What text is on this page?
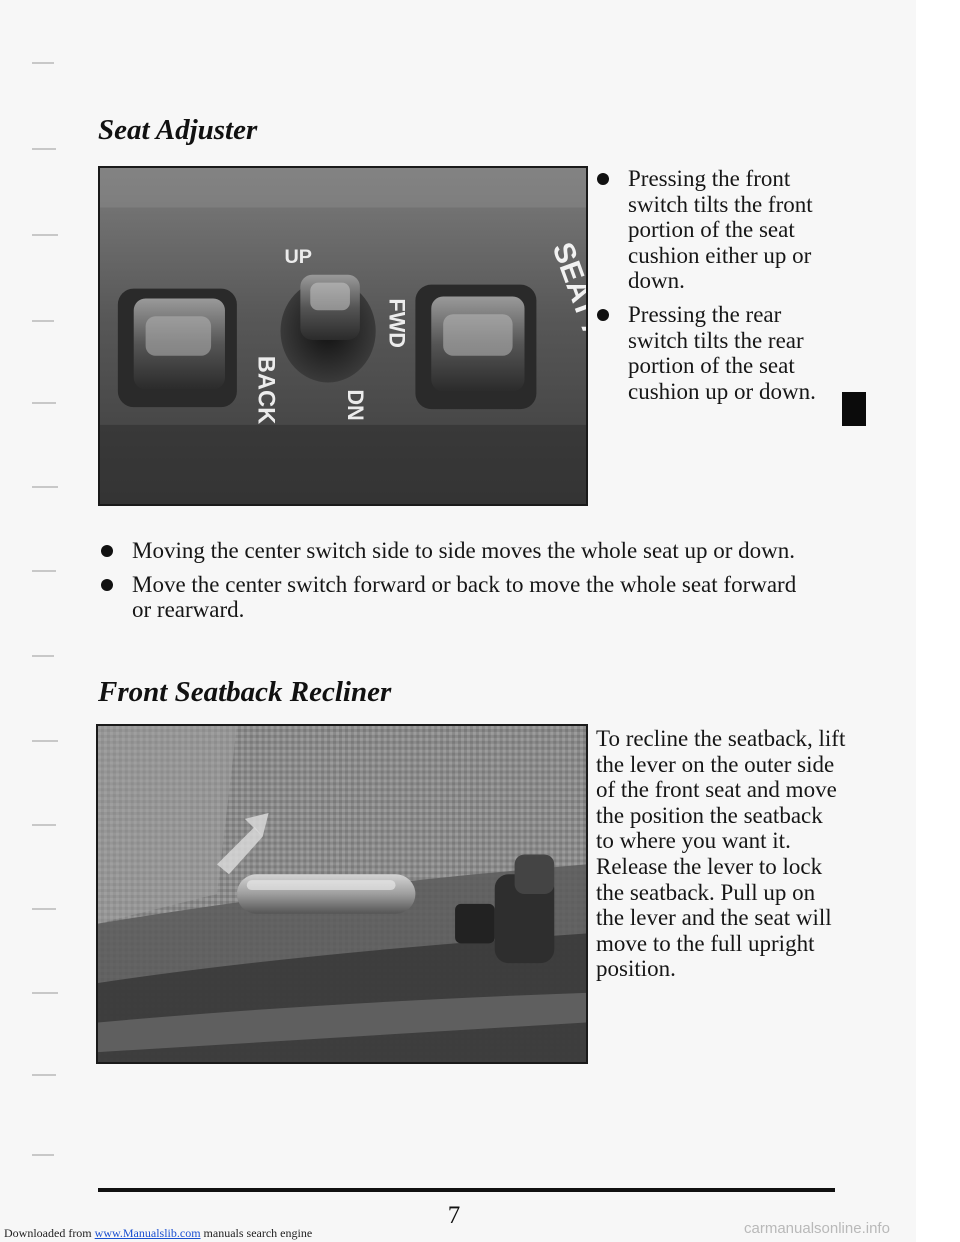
Seat Adjuster
BACK	DN
FWD
UP
Pressing the front switch tilts the front portion of the seat cushion either up or down.
Pressing the rear switch tilts the rear portion of the seat cushion up or down.
Moving the center switch side to side moves the whole seat up or down.
Move the center switch forward or back to move the whole seat forward or rearward.
Front Seatback Recliner
To recline the seatback, lift the lever on the outer side of the front seat and move the position the seatback to where you want it. Release the lever to lock the seatback. Pull up on the lever and the seat will move to the full upright position.
7
Downloaded from www.Manualslib.com manuals search engine	carmanualsonline.info
